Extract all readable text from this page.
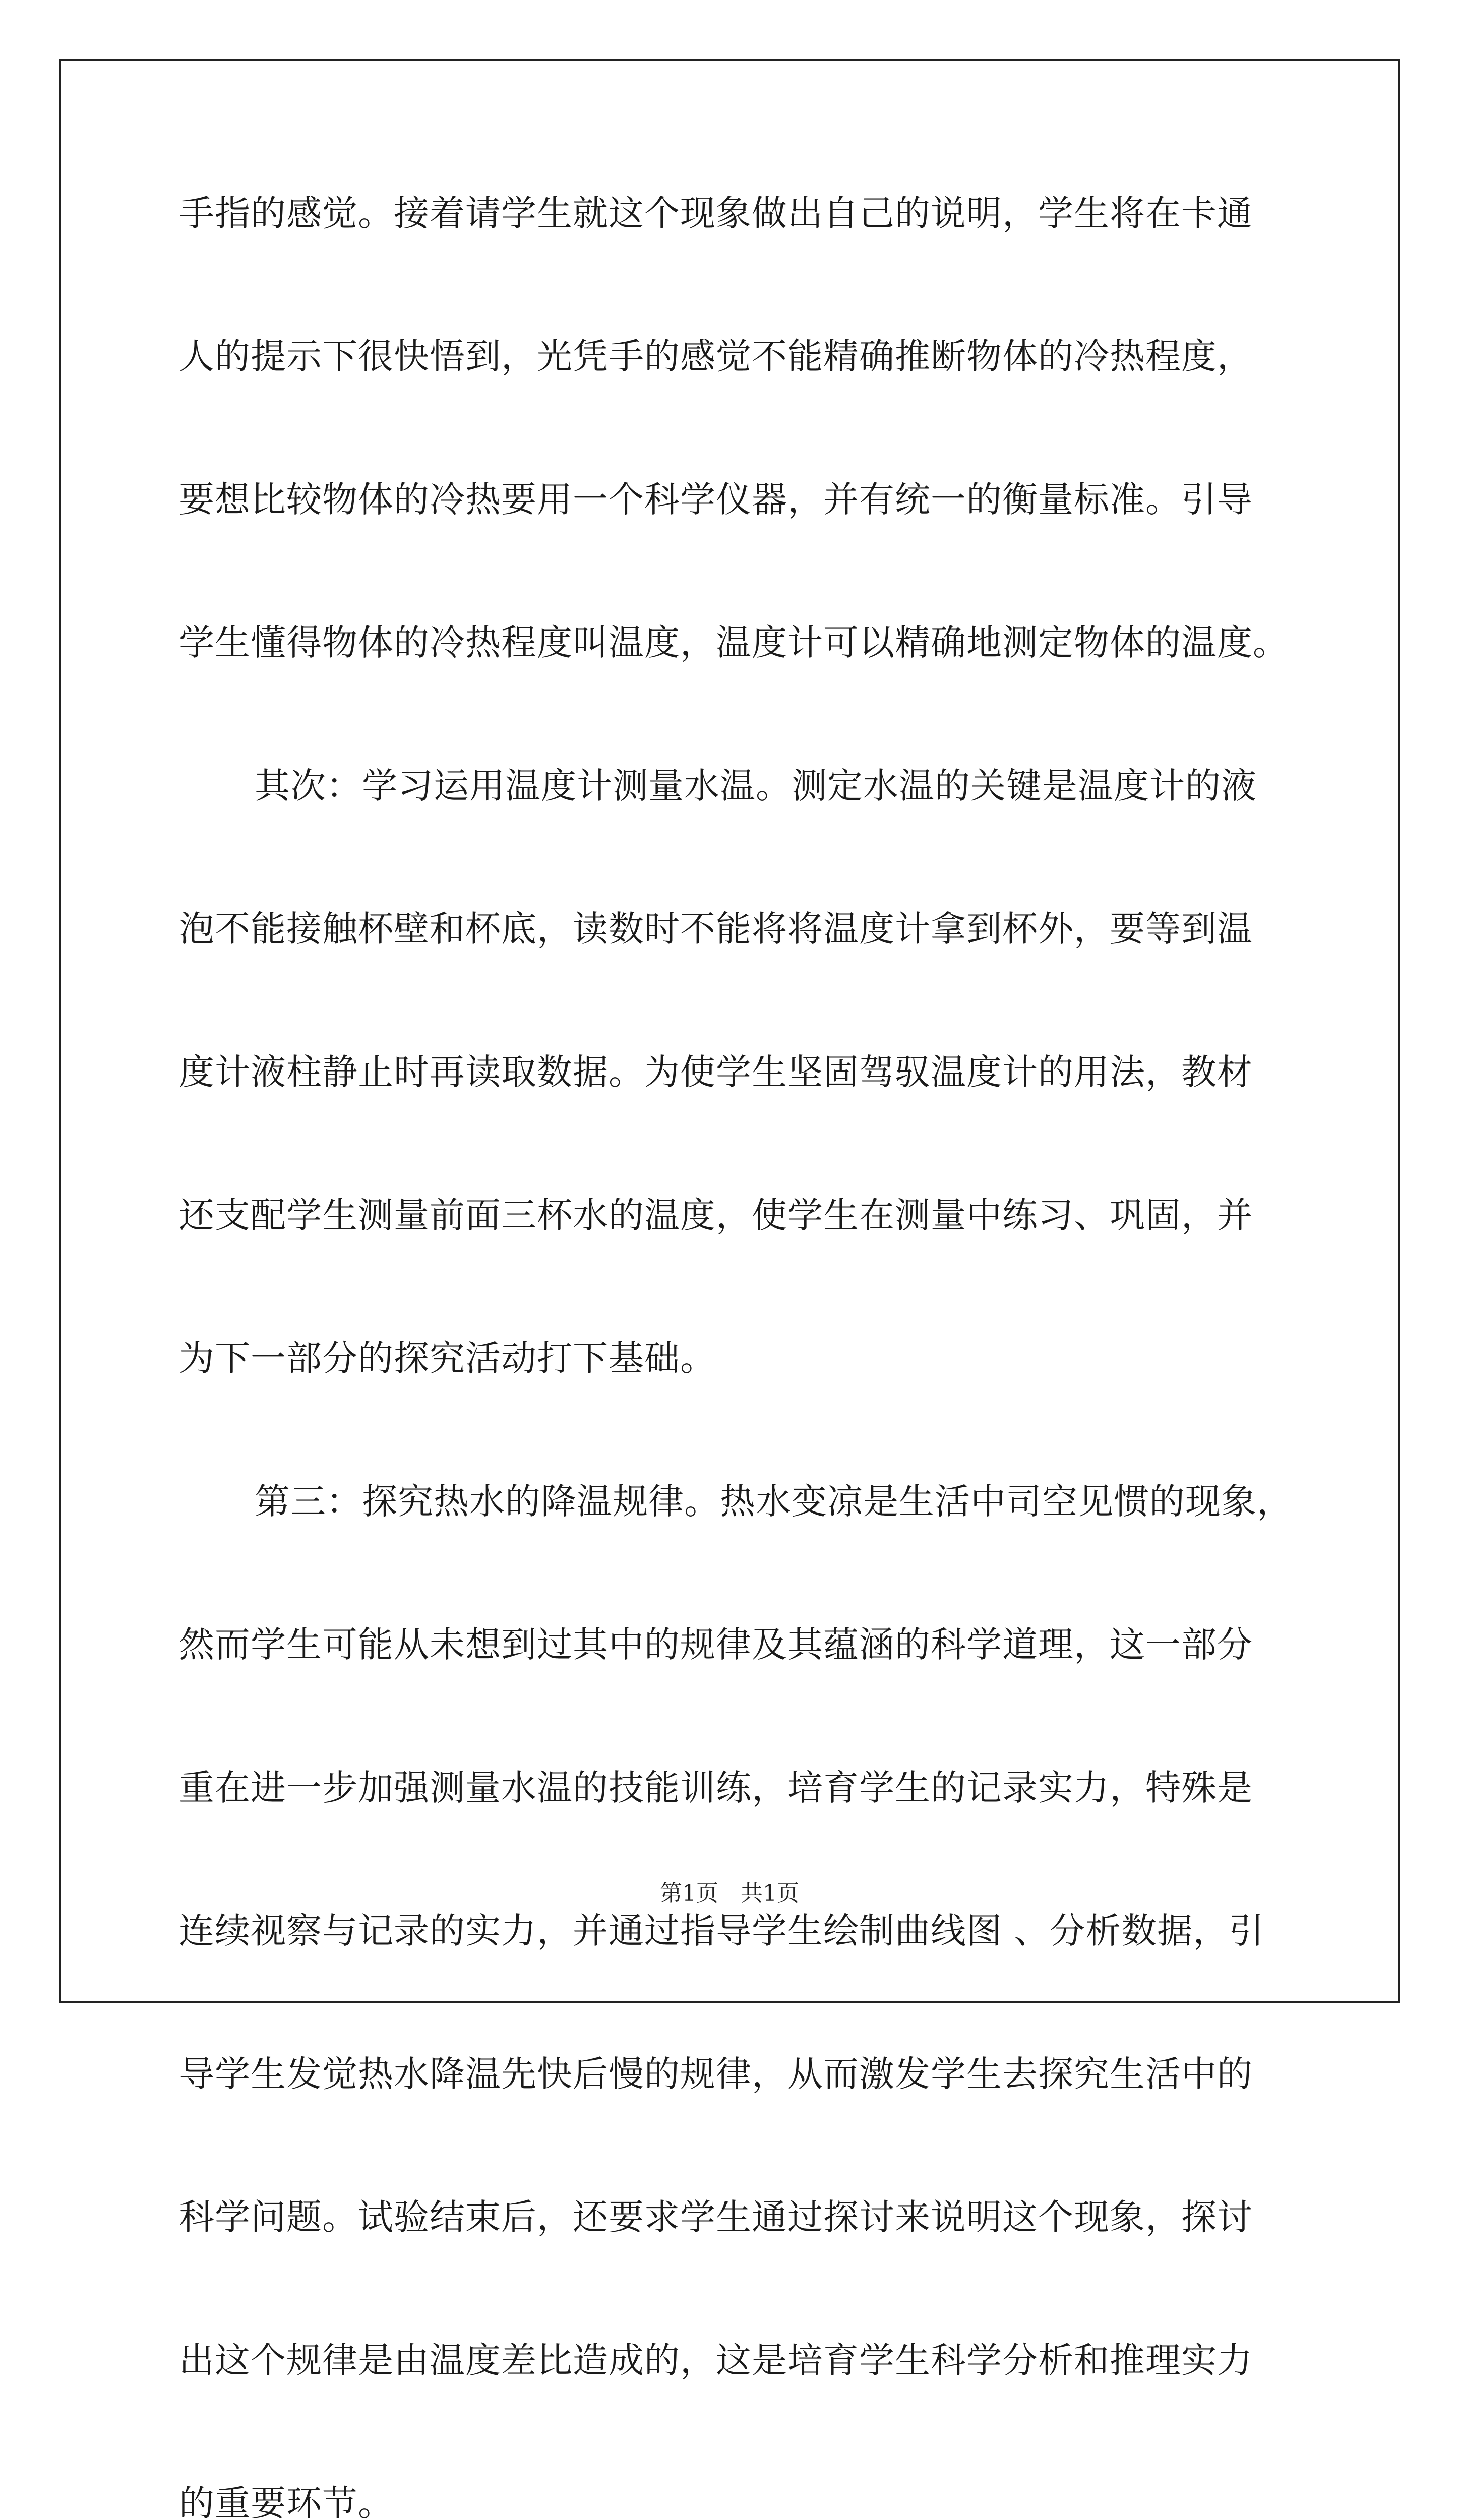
手指的感觉。接着请学生就这个现象做出自己的说明，学生将在卡通
人的提示下很快悟到，光凭手的感觉不能精确推断物体的冷热程度，
要想比较物体的冷热要用一个科学仪器，并有统一的衡量标准。引导
学生懂得物体的冷热程度叫温度，温度计可以精确地测定物体的温度。
其次：学习运用温度计测量水温。测定水温的关键是温度计的液
泡不能接触杯壁和杯底，读数时不能将将温度计拿到杯外，要等到温
度计液柱静止时再读取数据。为使学生坚固驾驭温度计的用法，教材
还支配学生测量前面三杯水的温度，使学生在测量中练习、巩固，并
为下一部分的探究活动打下基础。
第三：探究热水的降温规律。热水变凉是生活中司空见惯的现象，
然而学生可能从未想到过其中的规律及其蕴涵的科学道理，这一部分
重在进一步加强测量水温的技能训练，培育学生的记录实力，特殊是
连续视察与记录的实力，并通过指导学生绘制曲线图 、分析数据，引
导学生发觉热水降温先快后慢的规律，从而激发学生去探究生活中的
科学问题。试验结束后，还要求学生通过探讨来说明这个现象，探讨
出这个规律是由温度差比造成的，这是培育学生科学分析和推理实力
的重要环节。
第1页　共1页
